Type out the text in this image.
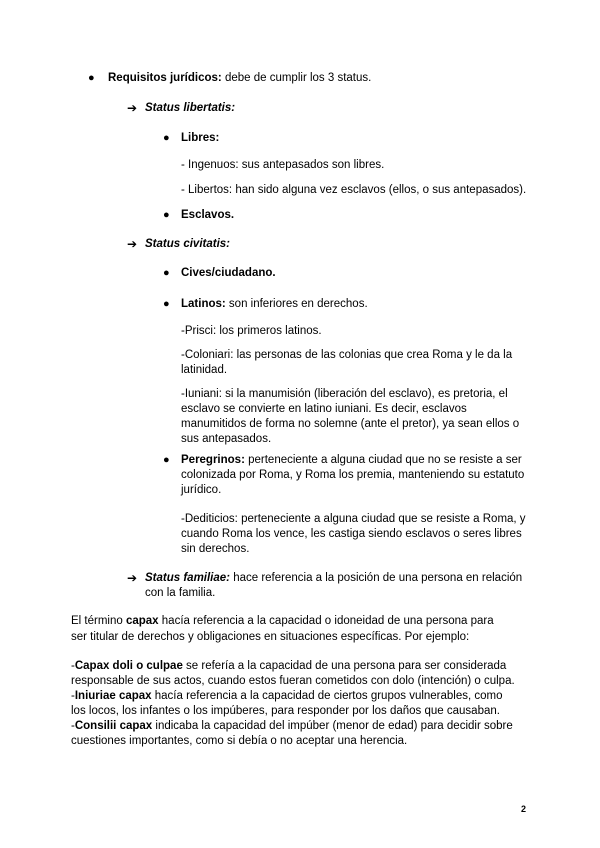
● Requisitos jurídicos: debe de cumplir los 3 status.

➔ Status libertatis:

● Libres:

- Ingenuos: sus antepasados son libres.

- Libertos: han sido alguna vez esclavos (ellos, o sus antepasados).

● Esclavos.

➔ Status civitatis:

● Cives/ciudadano.

● Latinos: son inferiores en derechos.

-Prisci: los primeros latinos.

-Coloniari: las personas de las colonias que crea Roma y le da la latinidad.

-Iuniani: si la manumisión (liberación del esclavo), es pretoria, el esclavo se convierte en latino iuniani. Es decir, esclavos manumitidos de forma no solemne (ante el pretor), ya sean ellos o sus antepasados.

● Peregrinos: perteneciente a alguna ciudad que no se resiste a ser colonizada por Roma, y Roma los premia, manteniendo su estatuto jurídico.

-Dediticios: perteneciente a alguna ciudad que se resiste a Roma, y cuando Roma los vence, les castiga siendo esclavos o seres libres sin derechos.

➔ Status familiae: hace referencia a la posición de una persona en relación con la familia.

El término capax hacía referencia a la capacidad o idoneidad de una persona para ser titular de derechos y obligaciones en situaciones específicas. Por ejemplo:

-Capax doli o culpae se refería a la capacidad de una persona para ser considerada responsable de sus actos, cuando estos fueran cometidos con dolo (intención) o culpa.
-Iniuriae capax hacía referencia a la capacidad de ciertos grupos vulnerables, como los locos, los infantes o los impúberes, para responder por los daños que causaban.
-Consilii capax indicaba la capacidad del impúber (menor de edad) para decidir sobre cuestiones importantes, como si debía o no aceptar una herencia.

2
